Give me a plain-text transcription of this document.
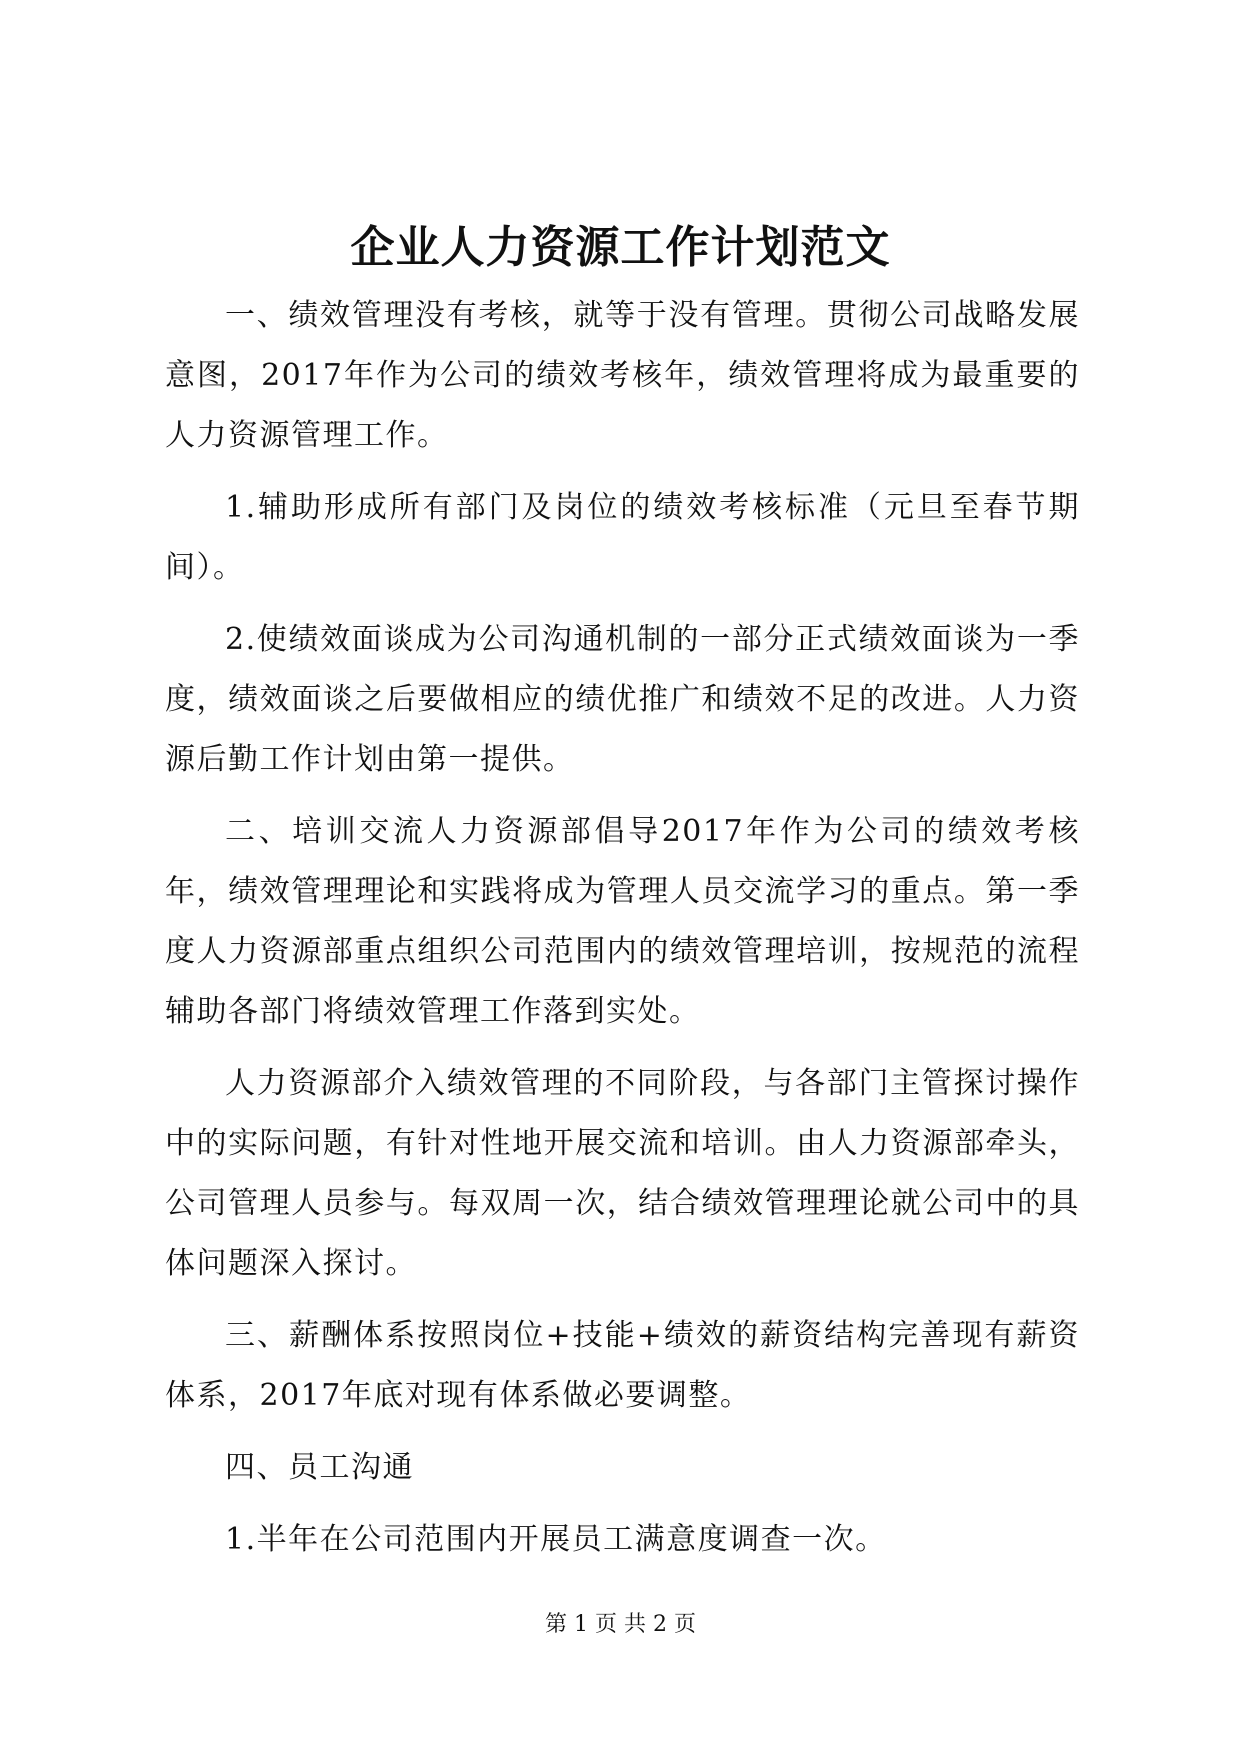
企业人力资源工作计划范文

一、绩效管理没有考核，就等于没有管理。贯彻公司战略发展意图，2017年作为公司的绩效考核年，绩效管理将成为最重要的人力资源管理工作。

1.辅助形成所有部门及岗位的绩效考核标准（元旦至春节期间）。

2.使绩效面谈成为公司沟通机制的一部分正式绩效面谈为一季度，绩效面谈之后要做相应的绩优推广和绩效不足的改进。人力资源后勤工作计划由第一提供。

二、培训交流人力资源部倡导2017年作为公司的绩效考核年，绩效管理理论和实践将成为管理人员交流学习的重点。第一季度人力资源部重点组织公司范围内的绩效管理培训，按规范的流程辅助各部门将绩效管理工作落到实处。

人力资源部介入绩效管理的不同阶段，与各部门主管探讨操作中的实际问题，有针对性地开展交流和培训。由人力资源部牵头，公司管理人员参与。每双周一次，结合绩效管理理论就公司中的具体问题深入探讨。

三、薪酬体系按照岗位+技能+绩效的薪资结构完善现有薪资体系，2017年底对现有体系做必要调整。

四、员工沟通

1.半年在公司范围内开展员工满意度调查一次。

第 1 页 共 2 页
